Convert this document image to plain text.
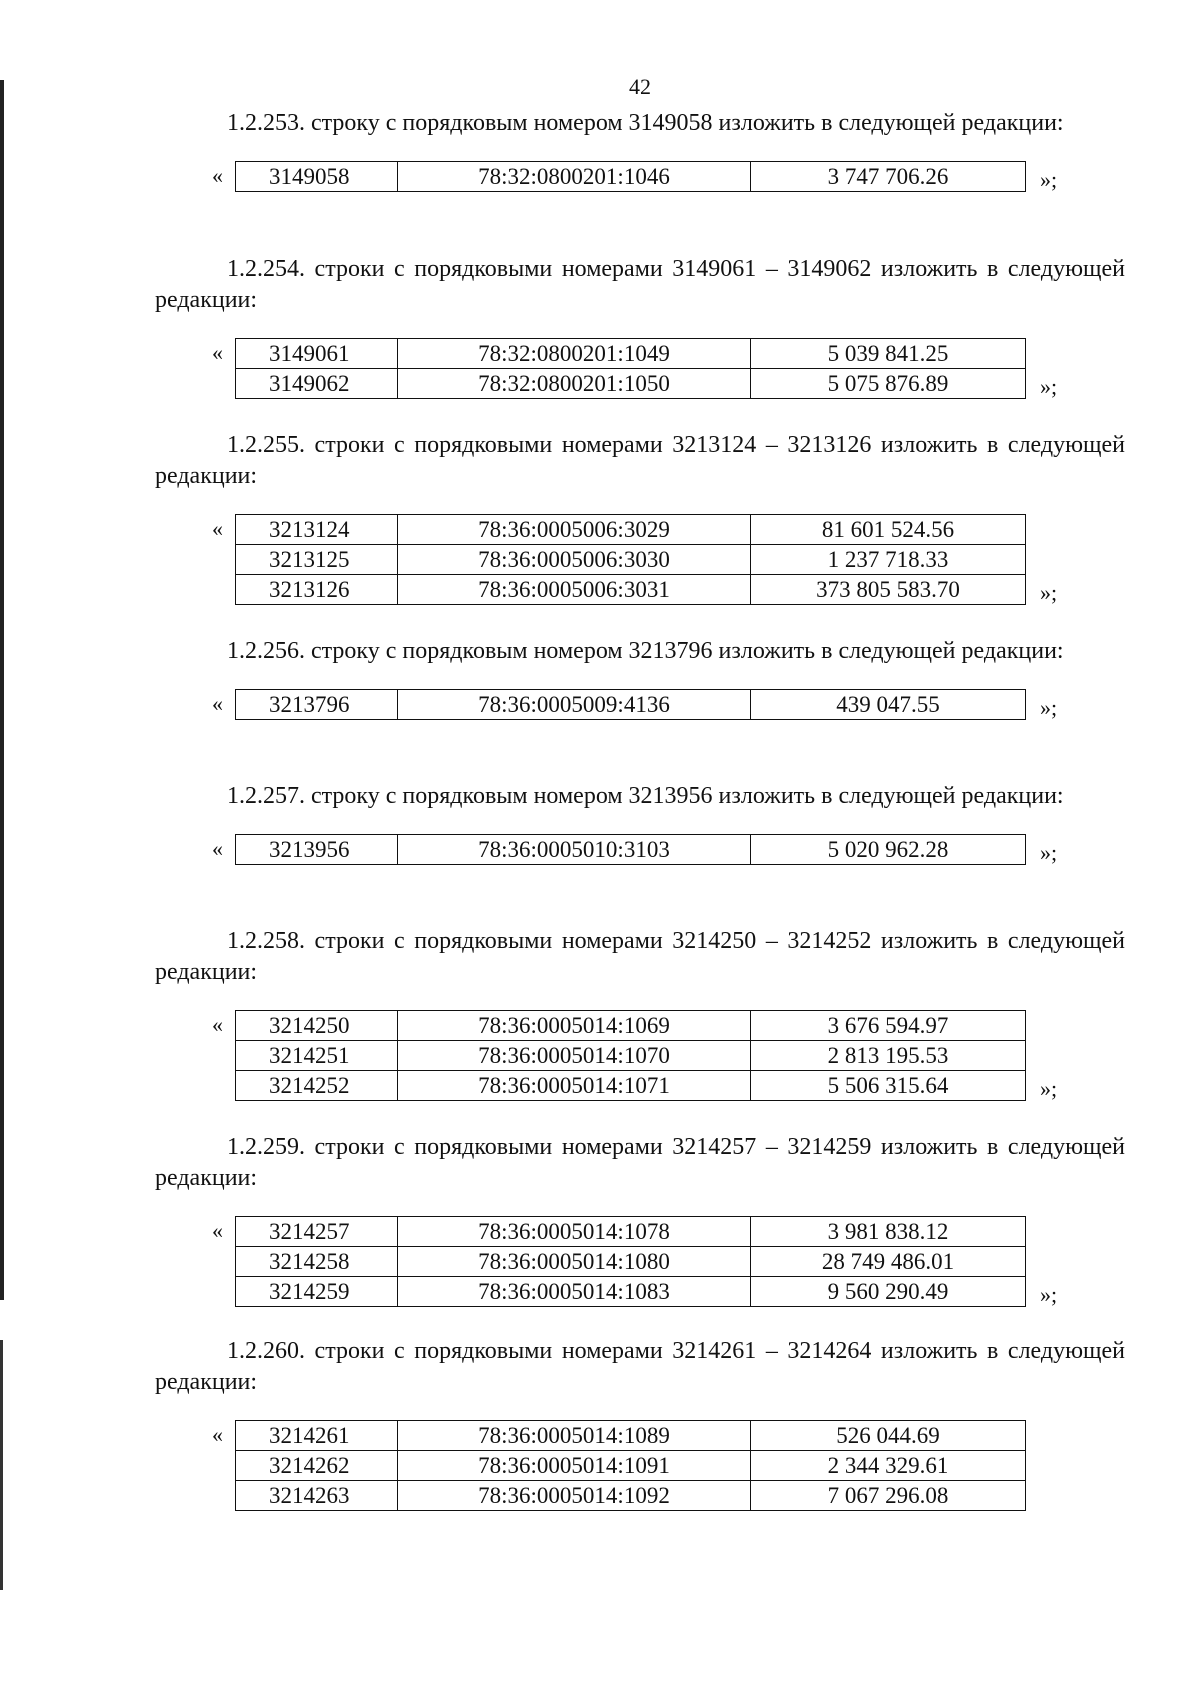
42

1.2.253. строку с порядковым номером 3149058 изложить в следующей редакции:

« 3149058	78:32:0800201:1046	3 747 706.26	»;

1.2.254. строки с порядковыми номерами 3149061 – 3149062 изложить в следующей редакции:

« 3149061	78:32:0800201:1049	5 039 841.25
3149062	78:32:0800201:1050	5 075 876.89	»;

1.2.255. строки с порядковыми номерами 3213124 – 3213126 изложить в следующей редакции:

« 3213124	78:36:0005006:3029	81 601 524.56
3213125	78:36:0005006:3030	1 237 718.33
3213126	78:36:0005006:3031	373 805 583.70	»;

1.2.256. строку с порядковым номером 3213796 изложить в следующей редакции:

« 3213796	78:36:0005009:4136	439 047.55	»;

1.2.257. строку с порядковым номером 3213956 изложить в следующей редакции:

« 3213956	78:36:0005010:3103	5 020 962.28	»;

1.2.258. строки с порядковыми номерами 3214250 – 3214252 изложить в следующей редакции:

« 3214250	78:36:0005014:1069	3 676 594.97
3214251	78:36:0005014:1070	2 813 195.53
3214252	78:36:0005014:1071	5 506 315.64	»;

1.2.259. строки с порядковыми номерами 3214257 – 3214259 изложить в следующей редакции:

« 3214257	78:36:0005014:1078	3 981 838.12
3214258	78:36:0005014:1080	28 749 486.01
3214259	78:36:0005014:1083	9 560 290.49	»;

1.2.260. строки с порядковыми номерами 3214261 – 3214264 изложить в следующей редакции:

« 3214261	78:36:0005014:1089	526 044.69
3214262	78:36:0005014:1091	2 344 329.61
3214263	78:36:0005014:1092	7 067 296.08
